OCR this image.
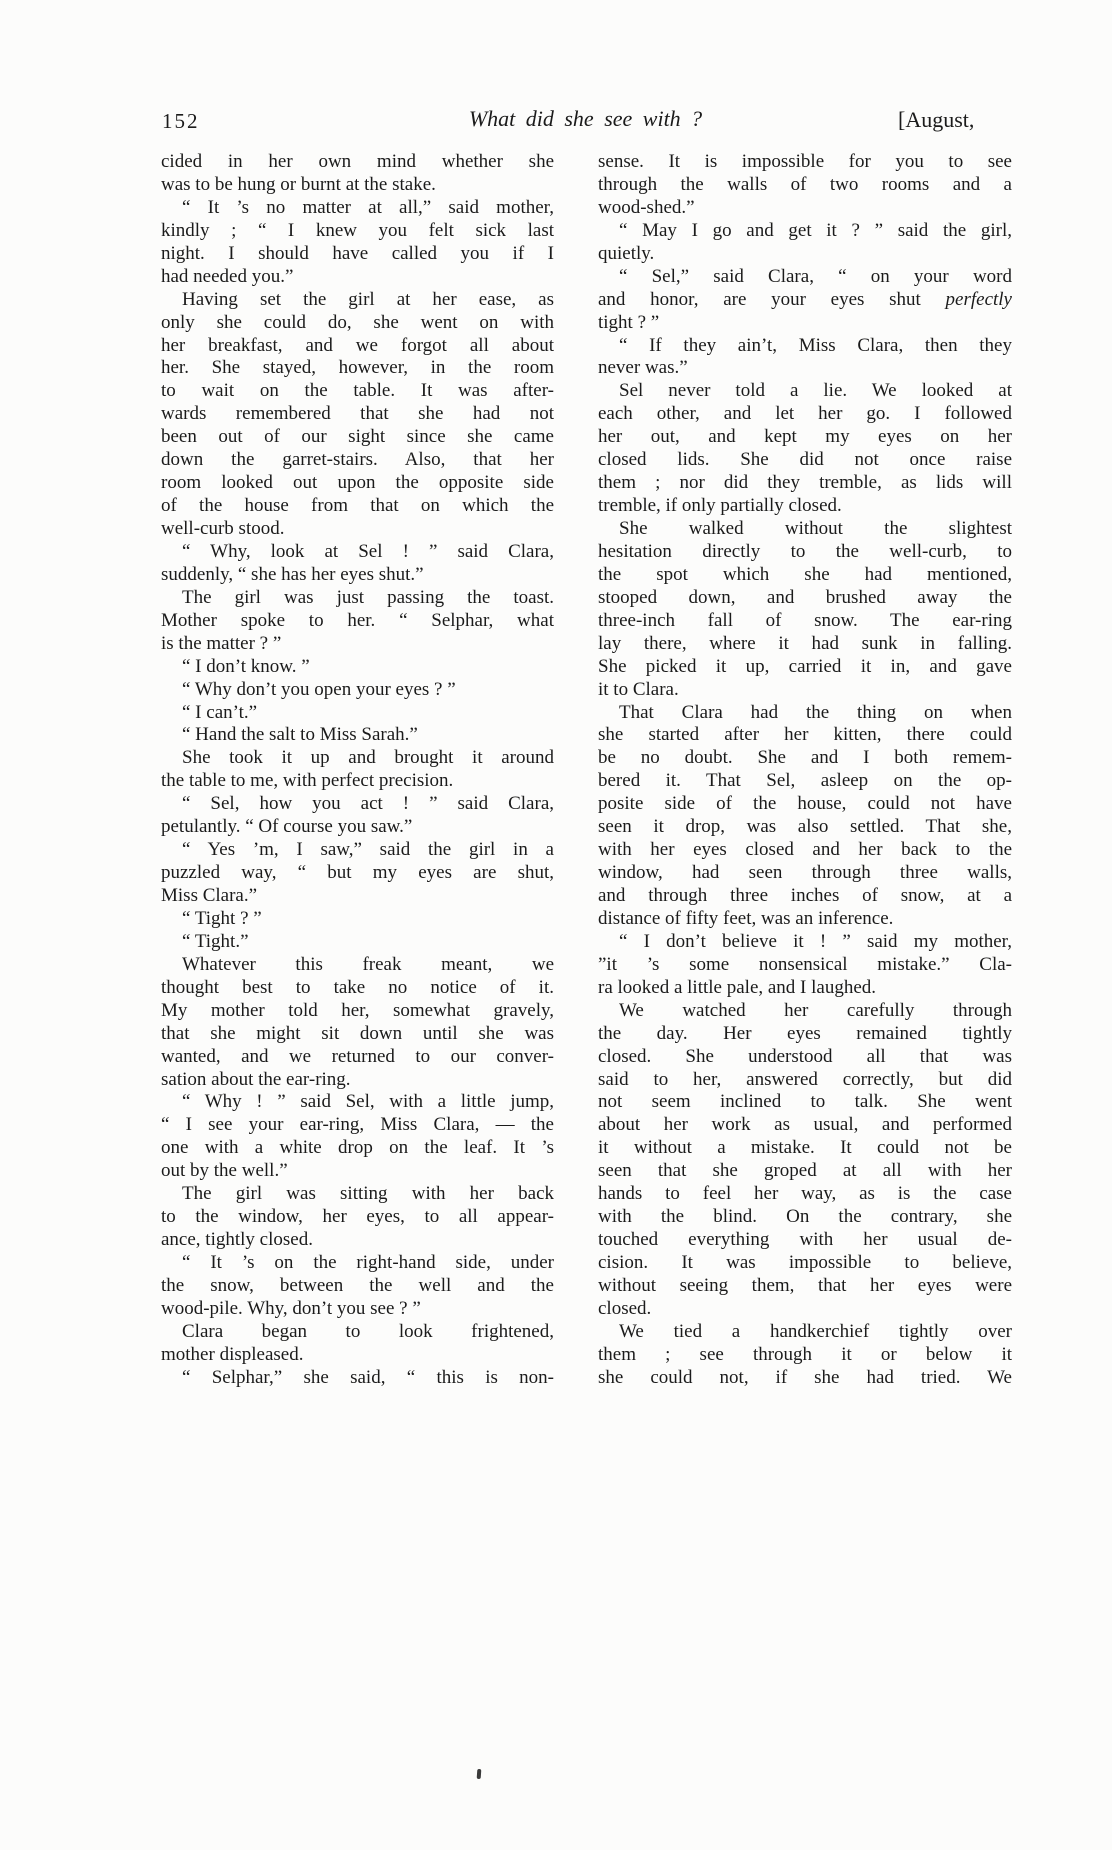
152	What did she see with ?	[August,
cided in her own mind whether she
was to be hung or burnt at the stake.
“ It ’s no matter at all,” said mother,
kindly ; “ I knew you felt sick last
night. I should have called you if I
had needed you.”
Having set the girl at her ease, as
only she could do, she went on with
her breakfast, and we forgot all about
her. She stayed, however, in the room
to wait on the table. It was after-
wards remembered that she had not
been out of our sight since she came
down the garret-stairs. Also, that her
room looked out upon the opposite side
of the house from that on which the
well-curb stood.
“ Why, look at Sel ! ” said Clara,
suddenly, “ she has her eyes shut.”
The girl was just passing the toast.
Mother spoke to her. “ Selphar, what
is the matter ? ”
“ I don’t know. ”
“ Why don’t you open your eyes ? ”
“ I can’t.”
“ Hand the salt to Miss Sarah.”
She took it up and brought it around
the table to me, with perfect precision.
“ Sel, how you act ! ” said Clara,
petulantly. “ Of course you saw.”
“ Yes ’m, I saw,” said the girl in a
puzzled way, “ but my eyes are shut,
Miss Clara.”
“ Tight ? ”
“ Tight.”
Whatever this freak meant, we
thought best to take no notice of it.
My mother told her, somewhat gravely,
that she might sit down until she was
wanted, and we returned to our conver-
sation about the ear-ring.
“ Why ! ” said Sel, with a little jump,
“ I see your ear-ring, Miss Clara, — the
one with a white drop on the leaf. It ’s
out by the well.”
The girl was sitting with her back
to the window, her eyes, to all appear-
ance, tightly closed.
“ It ’s on the right-hand side, under
the snow, between the well and the
wood-pile. Why, don’t you see ? ”
Clara began to look frightened,
mother displeased.
“ Selphar,” she said, “ this is non-
sense. It is impossible for you to see
through the walls of two rooms and a
wood-shed.”
“ May I go and get it ? ” said the girl,
quietly.
“ Sel,” said Clara, “ on your word
and honor, are your eyes shut perfectly
tight ? ”
“ If they ain’t, Miss Clara, then they
never was.”
Sel never told a lie. We looked at
each other, and let her go. I followed
her out, and kept my eyes on her
closed lids. She did not once raise
them ; nor did they tremble, as lids will
tremble, if only partially closed.
She walked without the slightest
hesitation directly to the well-curb, to
the spot which she had mentioned,
stooped down, and brushed away the
three-inch fall of snow. The ear-ring
lay there, where it had sunk in falling.
She picked it up, carried it in, and gave
it to Clara.
That Clara had the thing on when
she started after her kitten, there could
be no doubt. She and I both remem-
bered it. That Sel, asleep on the op-
posite side of the house, could not have
seen it drop, was also settled. That she,
with her eyes closed and her back to the
window, had seen through three walls,
and through three inches of snow, at a
distance of fifty feet, was an inference.
“ I don’t believe it ! ” said my mother,
”it ’s some nonsensical mistake.” Cla-
ra looked a little pale, and I laughed.
We watched her carefully through
the day. Her eyes remained tightly
closed. She understood all that was
said to her, answered correctly, but did
not seem inclined to talk. She went
about her work as usual, and performed
it without a mistake. It could not be
seen that she groped at all with her
hands to feel her way, as is the case
with the blind. On the contrary, she
touched everything with her usual de-
cision. It was impossible to believe,
without seeing them, that her eyes were
closed.
We tied a handkerchief tightly over
them ; see through it or below it
she could not, if she had tried. We
